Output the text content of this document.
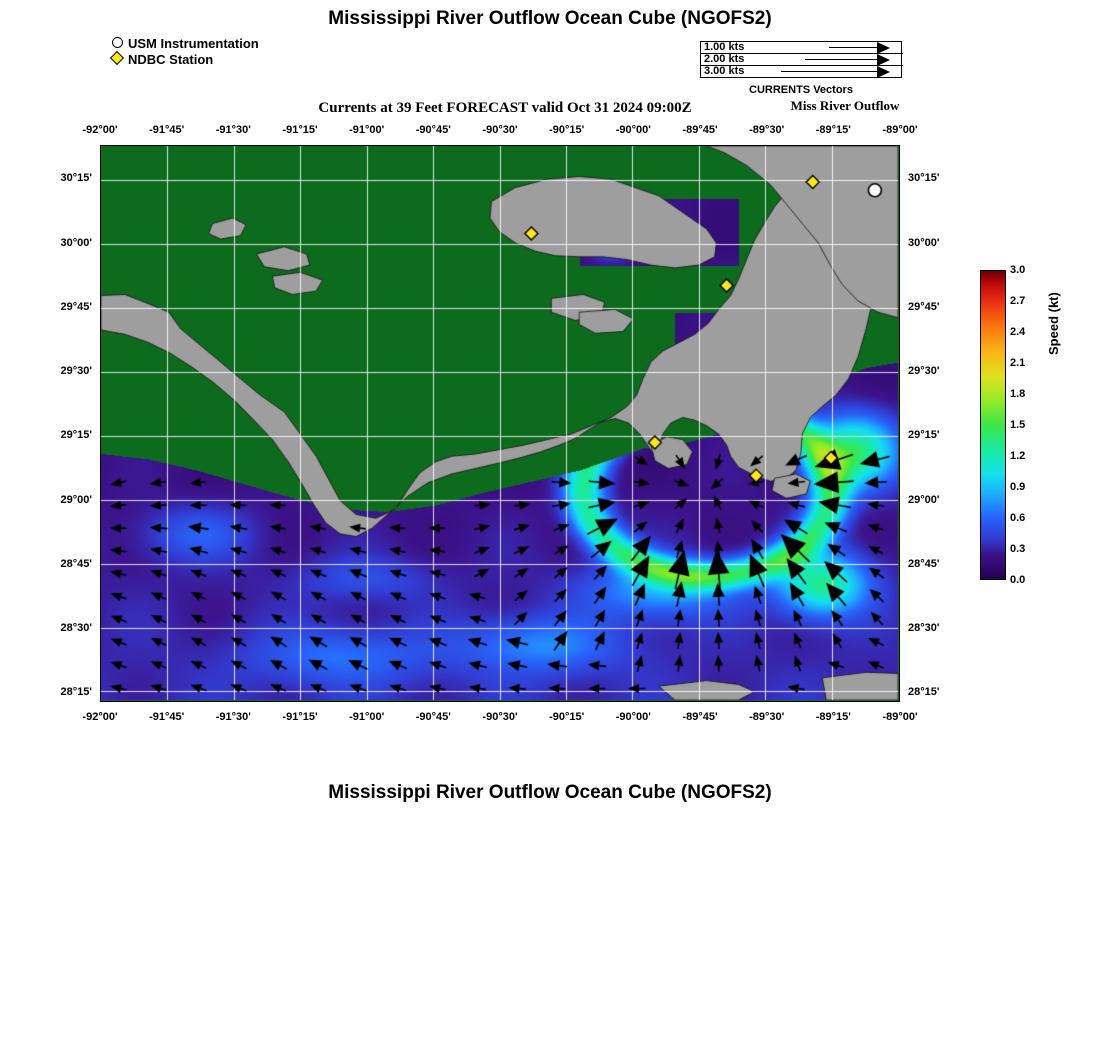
Mississippi River Outflow Ocean Cube (NGOFS2)
Currents at 39 Feet FORECAST valid Oct 31 2024 09:00Z	Miss River Outflow
Mississippi River Outflow Ocean Cube (NGOFS2)
USM Instrumentation
NDBC Station
1.00 kts
2.00 kts
3.00 kts
CURRENTS Vectors
-92°00'
-92°00'
-91°45'
-91°45'
-91°30'
-91°30'
-91°15'
-91°15'
-91°00'
-91°00'
-90°45'
-90°45'
-90°30'
-90°30'
-90°15'
-90°15'
-90°00'
-90°00'
-89°45'
-89°45'
-89°30'
-89°30'
-89°15'
-89°15'
-89°00'
-89°00'
30°15'	30°15'
30°00'	30°00'
29°45'	29°45'
29°30'	29°30'
29°15'	29°15'
29°00'	29°00'
28°45'	28°45'
28°30'	28°30'
28°15'	28°15'
3.0
2.7
2.4
2.1
1.8
1.5
1.2
0.9
0.6
0.3
0.0
Speed (kt)
